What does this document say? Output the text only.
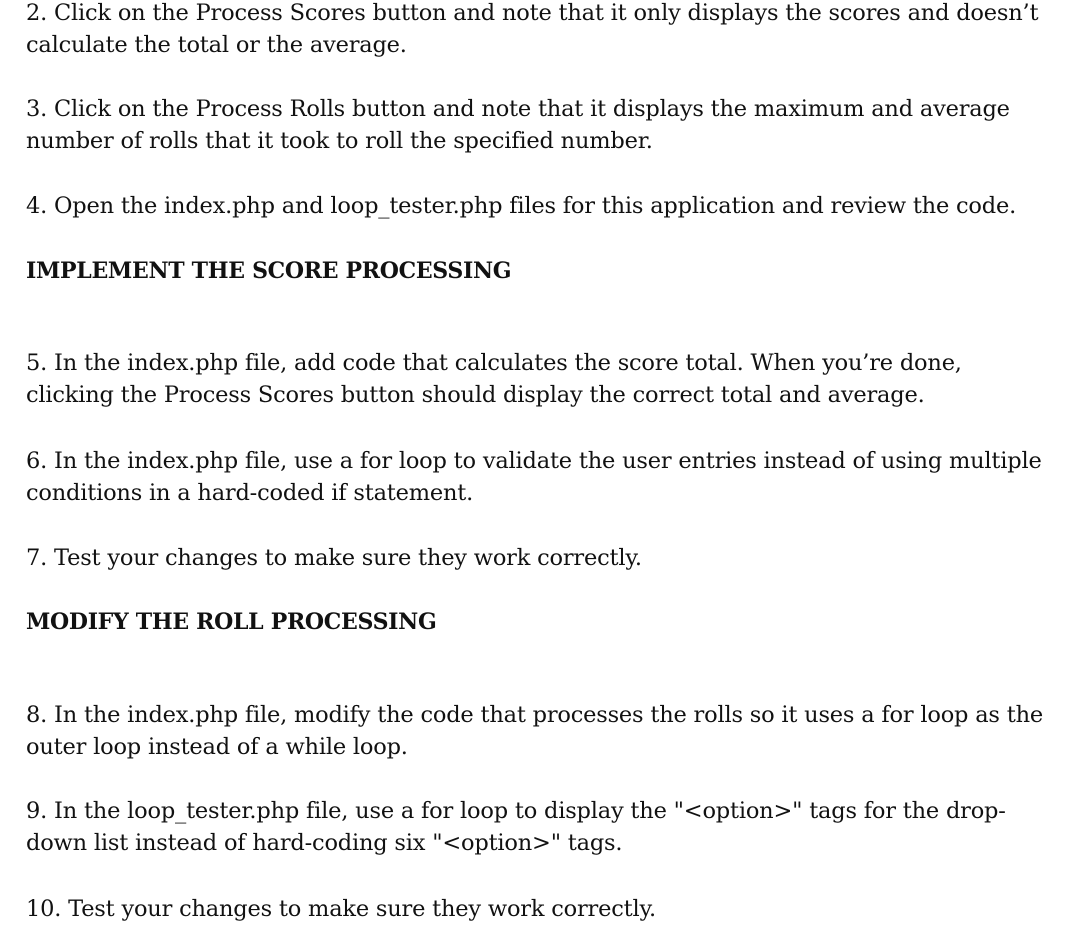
2. Click on the Process Scores button and note that it only displays the scores and doesn’t
calculate the total or the average.

3. Click on the Process Rolls button and note that it displays the maximum and average
number of rolls that it took to roll the specified number.

4. Open the index.php and loop_tester.php files for this application and review the code.

IMPLEMENT THE SCORE PROCESSING

5. In the index.php file, add code that calculates the score total. When you’re done,
clicking the Process Scores button should display the correct total and average.

6. In the index.php file, use a for loop to validate the user entries instead of using multiple
conditions in a hard-coded if statement.

7. Test your changes to make sure they work correctly.

MODIFY THE ROLL PROCESSING

8. In the index.php file, modify the code that processes the rolls so it uses a for loop as the
outer loop instead of a while loop.

9. In the loop_tester.php file, use a for loop to display the "<option>" tags for the drop-
down list instead of hard-coding six "<option>" tags.

10. Test your changes to make sure they work correctly.
